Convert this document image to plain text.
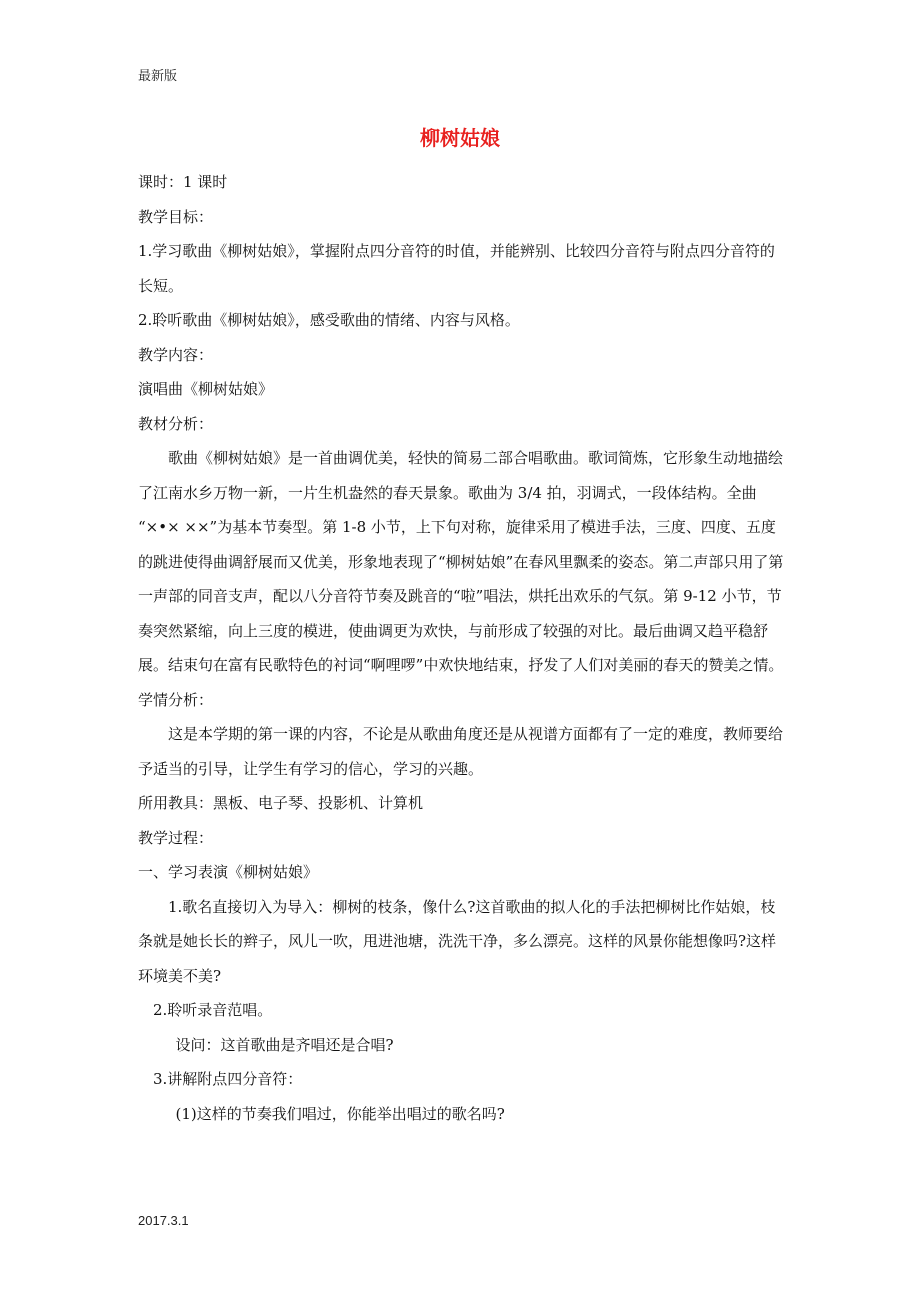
最新版
柳树姑娘

课时：1 课时

教学目标：

1.学习歌曲《柳树姑娘》，掌握附点四分音符的时值，并能辨别、比较四分音符与附点四分音符的长短。

2.聆听歌曲《柳树姑娘》，感受歌曲的情绪、内容与风格。

教学内容：

演唱曲《柳树姑娘》

教材分析：

歌曲《柳树姑娘》是一首曲调优美，轻快的简易二部合唱歌曲。歌词简炼，它形象生动地描绘了江南水乡万物一新，一片生机盎然的春天景象。歌曲为 3/4 拍，羽调式，一段体结构。全曲 “×•× ××”为基本节奏型。第 1-8 小节，上下句对称，旋律采用了模进手法，三度、四度、五度的跳进使得曲调舒展而又优美，形象地表现了“柳树姑娘”在春风里飘柔的姿态。第二声部只用了第一声部的同音支声，配以八分音符节奏及跳音的“啦”唱法，烘托出欢乐的气氛。第 9-12 小节，节奏突然紧缩，向上三度的模进，使曲调更为欢快，与前形成了较强的对比。最后曲调又趋平稳舒展。结束句在富有民歌特色的衬词“啊哩啰”中欢快地结束，抒发了人们对美丽的春天的赞美之情。学情分析：

这是本学期的第一课的内容，不论是从歌曲角度还是从视谱方面都有了一定的难度，教师要给予适当的引导，让学生有学习的信心，学习的兴趣。

所用教具：黑板、电子琴、投影机、计算机

教学过程：

一、学习表演《柳树姑娘》

1.歌名直接切入为导入：柳树的枝条，像什么?这首歌曲的拟人化的手法把柳树比作姑娘，枝条就是她长长的辫子，风儿一吹，甩进池塘，洗洗干净，多么漂亮。这样的风景你能想像吗?这样环境美不美?

2.聆听录音范唱。

设问：这首歌曲是齐唱还是合唱?

3.讲解附点四分音符：

(1)这样的节奏我们唱过，你能举出唱过的歌名吗?

2017.3.1
